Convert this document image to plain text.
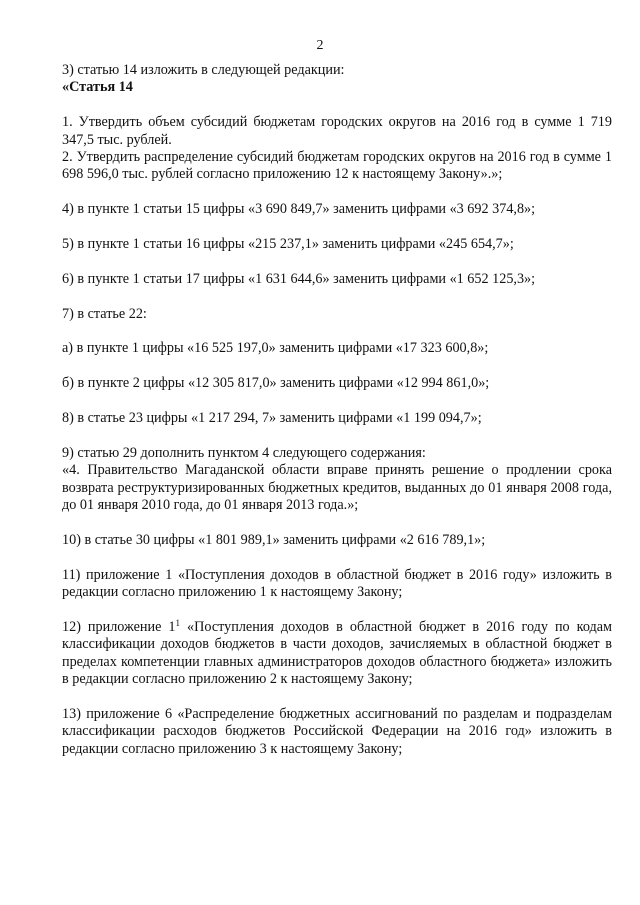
2

3) статью 14 изложить в следующей редакции:

«Статья 14

1. Утвердить объем субсидий бюджетам городских округов на 2016 год в сумме 1 719 347,5 тыс. рублей.

2. Утвердить распределение субсидий бюджетам городских округов на 2016 год в сумме 1 698 596,0 тыс. рублей согласно приложению 12 к настоящему Закону».»;

4) в пункте 1 статьи 15 цифры «3 690 849,7» заменить цифрами «3 692 374,8»;

5) в пункте 1 статьи 16 цифры «215 237,1» заменить цифрами «245 654,7»;

6) в пункте 1 статьи 17 цифры «1 631 644,6» заменить цифрами «1 652 125,3»;

7) в статье 22:

а) в пункте 1 цифры «16 525 197,0» заменить цифрами «17 323 600,8»;

б) в пункте 2 цифры «12 305 817,0» заменить цифрами «12 994 861,0»;

8) в статье 23 цифры «1 217 294, 7» заменить цифрами «1 199 094,7»;

9) статью 29 дополнить пунктом 4 следующего содержания:

«4. Правительство Магаданской области вправе принять решение о продлении срока возврата реструктуризированных бюджетных кредитов, выданных до 01 января 2008 года, до 01 января 2010 года, до 01 января 2013 года.»;

10) в статье 30 цифры «1 801 989,1» заменить цифрами «2 616 789,1»;

11) приложение 1 «Поступления доходов в областной бюджет в 2016 году» изложить в редакции согласно приложению 1 к настоящему Закону;

12) приложение $1^1$ «Поступления доходов в областной бюджет в 2016 году по кодам классификации доходов бюджетов в части доходов, зачисляемых в областной бюджет в пределах компетенции главных администраторов доходов областного бюджета» изложить в редакции согласно приложению 2 к настоящему Закону;

13) приложение 6 «Распределение бюджетных ассигнований по разделам и подразделам классификации расходов бюджетов Российской Федерации на 2016 год» изложить в редакции согласно приложению 3 к настоящему Закону;
